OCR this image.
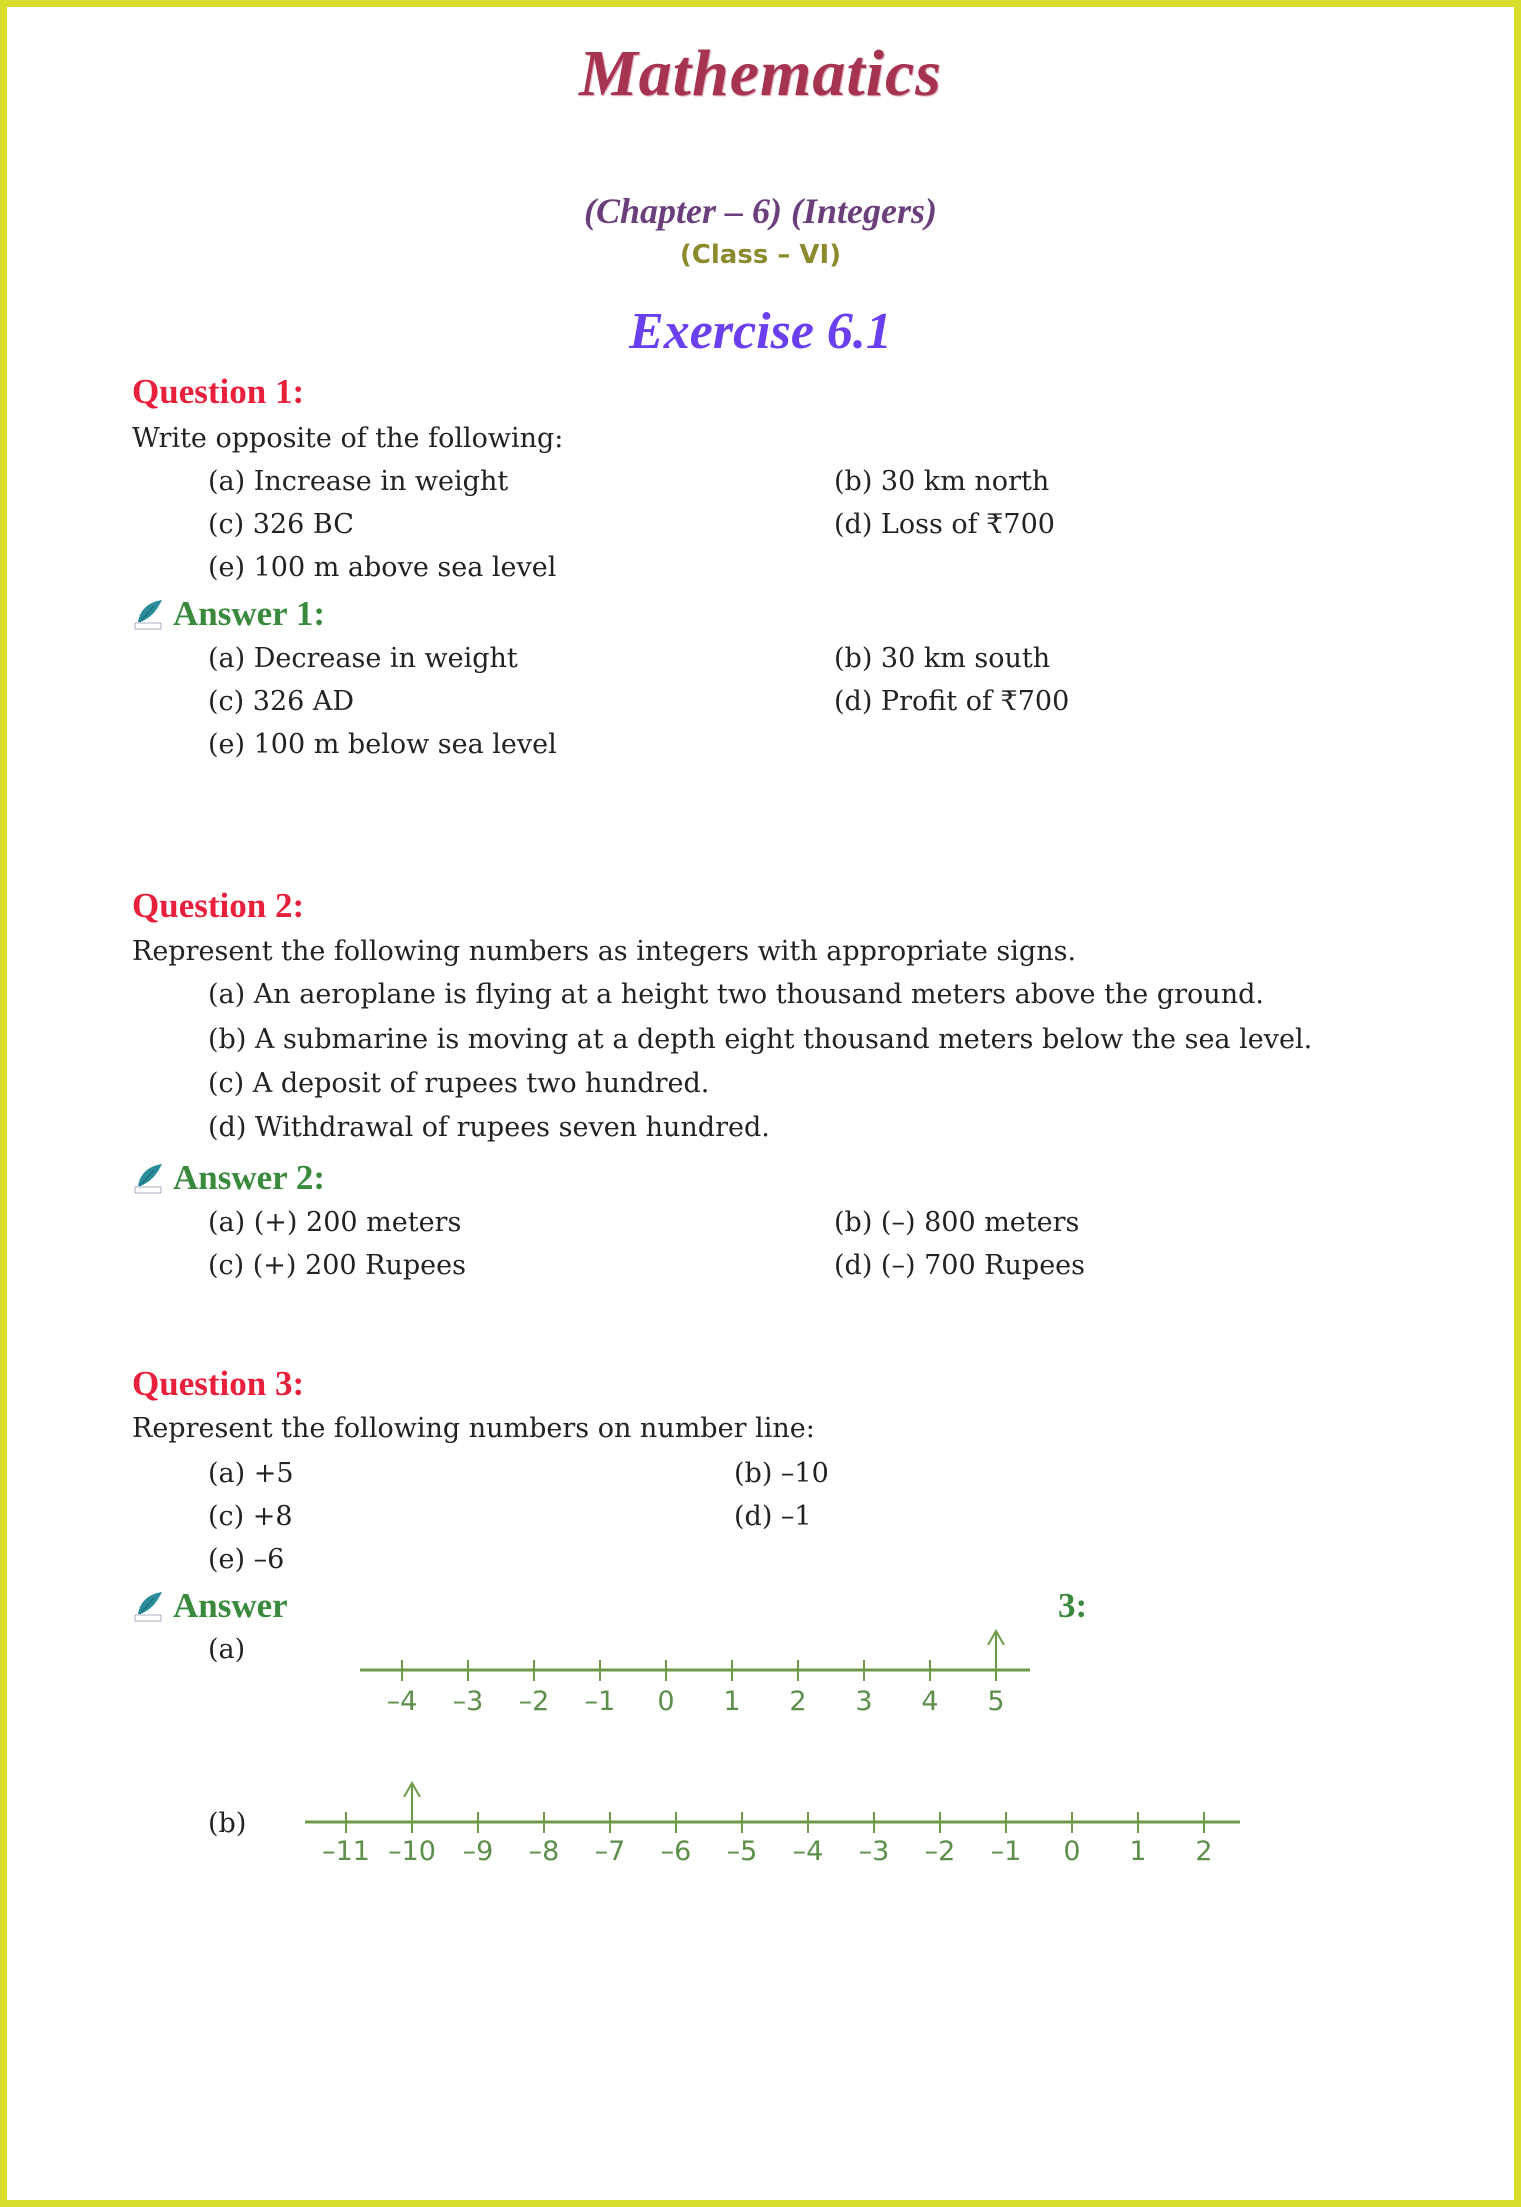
Mathematics
(Chapter – 6) (Integers)
(Class – VI)
Exercise 6.1
Question 1:
Write opposite of the following:
(a) Increase in weight	(b) 30 km north
(c) 326 BC	(d) Loss of ₹700
(e) 100 m above sea level
Answer 1:
(a) Decrease in weight	(b) 30 km south
(c) 326 AD	(d) Profit of ₹700
(e) 100 m below sea level
Question 2:
Represent the following numbers as integers with appropriate signs.
(a) An aeroplane is flying at a height two thousand meters above the ground.
(b) A submarine is moving at a depth eight thousand meters below the sea level.
(c) A deposit of rupees two hundred.
(d) Withdrawal of rupees seven hundred.
Answer 2:
(a) (+) 200 meters	(b) (–) 800 meters
(c) (+) 200 Rupees	(d) (–) 700 Rupees
Question 3:
Represent the following numbers on number line:
(a) +5	(b) –10
(c) +8	(d) –1
(e) –6
Answer	3:
(a)
–4 –3 –2 –1 0 1 2 3 4 5
(b)
–11 –10 –9 –8 –7 –6 –5 –4 –3 –2 –1 0 1 2
